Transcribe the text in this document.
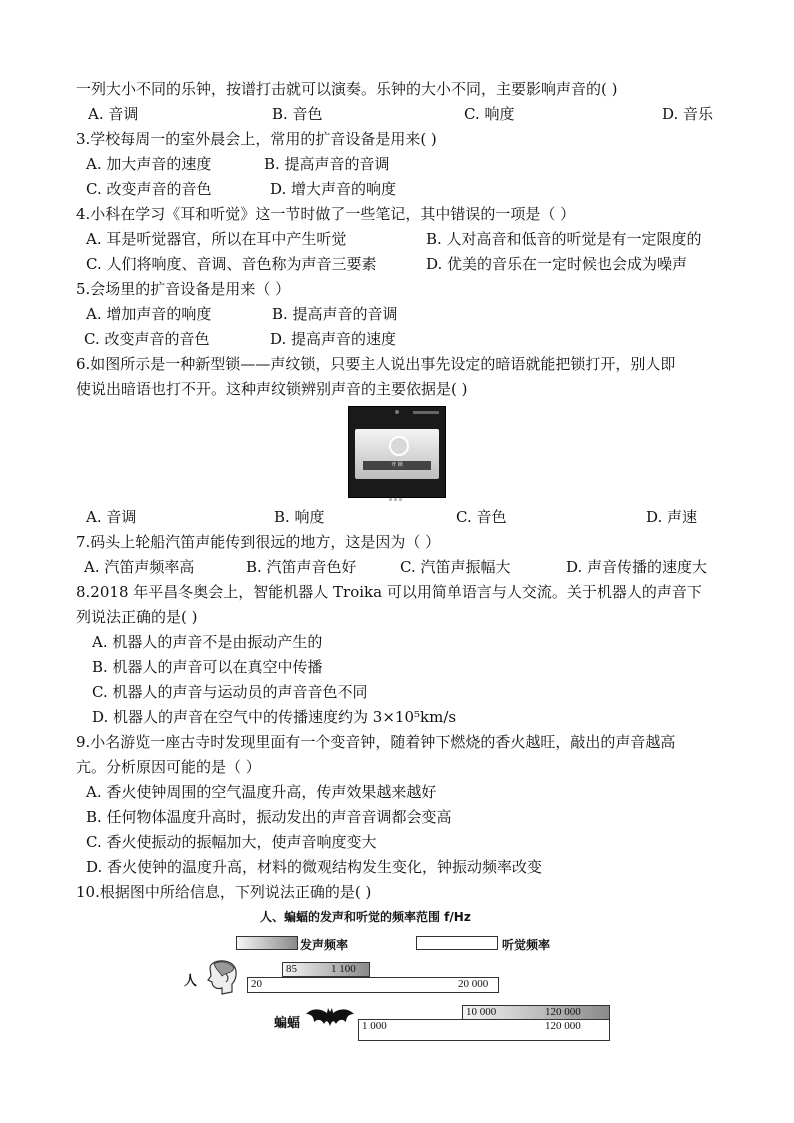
一列大小不同的乐钟，按谱打击就可以演奏。乐钟的大小不同，主要影响声音的( )
A. 音调	B. 音色	C. 响度	D. 音乐
3.学校每周一的室外晨会上，常用的扩音设备是用来( )
A. 加大声音的速度	B. 提高声音的音调
C. 改变声音的音色	D. 增大声音的响度
4.小科在学习《耳和听觉》这一节时做了一些笔记，其中错误的一项是（ ）
A. 耳是听觉器官，所以在耳中产生听觉	B. 人对高音和低音的听觉是有一定限度的
C. 人们将响度、音调、音色称为声音三要素	D. 优美的音乐在一定时候也会成为噪声
5.会场里的扩音设备是用来（ ）
A. 增加声音的响度	B. 提高声音的音调
C. 改变声音的音色	D. 提高声音的速度
6.如图所示是一种新型锁——声纹锁，只要主人说出事先设定的暗语就能把锁打开，别人即
使说出暗语也打不开。这种声纹锁辨别声音的主要依据是( )
开 锁
A. 音调	B. 响度	C. 音色	D. 声速
7.码头上轮船汽笛声能传到很远的地方，这是因为（ ）
A. 汽笛声频率高	B. 汽笛声音色好	C. 汽笛声振幅大	D. 声音传播的速度大
8.2018 年平昌冬奥会上，智能机器人 Troika 可以用简单语言与人交流。关于机器人的声音下
列说法正确的是( )
A. 机器人的声音不是由振动产生的
B. 机器人的声音可以在真空中传播
C. 机器人的声音与运动员的声音音色不同
D. 机器人的声音在空气中的传播速度约为 3×10⁵km/s
9.小名游览一座古寺时发现里面有一个变音钟，随着钟下燃烧的香火越旺，敲出的声音越高
亢。分析原因可能的是（ ）
A. 香火使钟周围的空气温度升高，传声效果越来越好
B. 任何物体温度升高时，振动发出的声音音调都会变高
C. 香火使振动的振幅加大，使声音响度变大
D. 香火使钟的温度升高，材料的微观结构发生变化，钟振动频率改变
10.根据图中所给信息，下列说法正确的是( )
人、蝙蝠的发声和听觉的频率范围 f/Hz
发声频率	听觉频率
人
85	1 100
20	20 000
蝙蝠
10 000	120 000
1 000	120 000
